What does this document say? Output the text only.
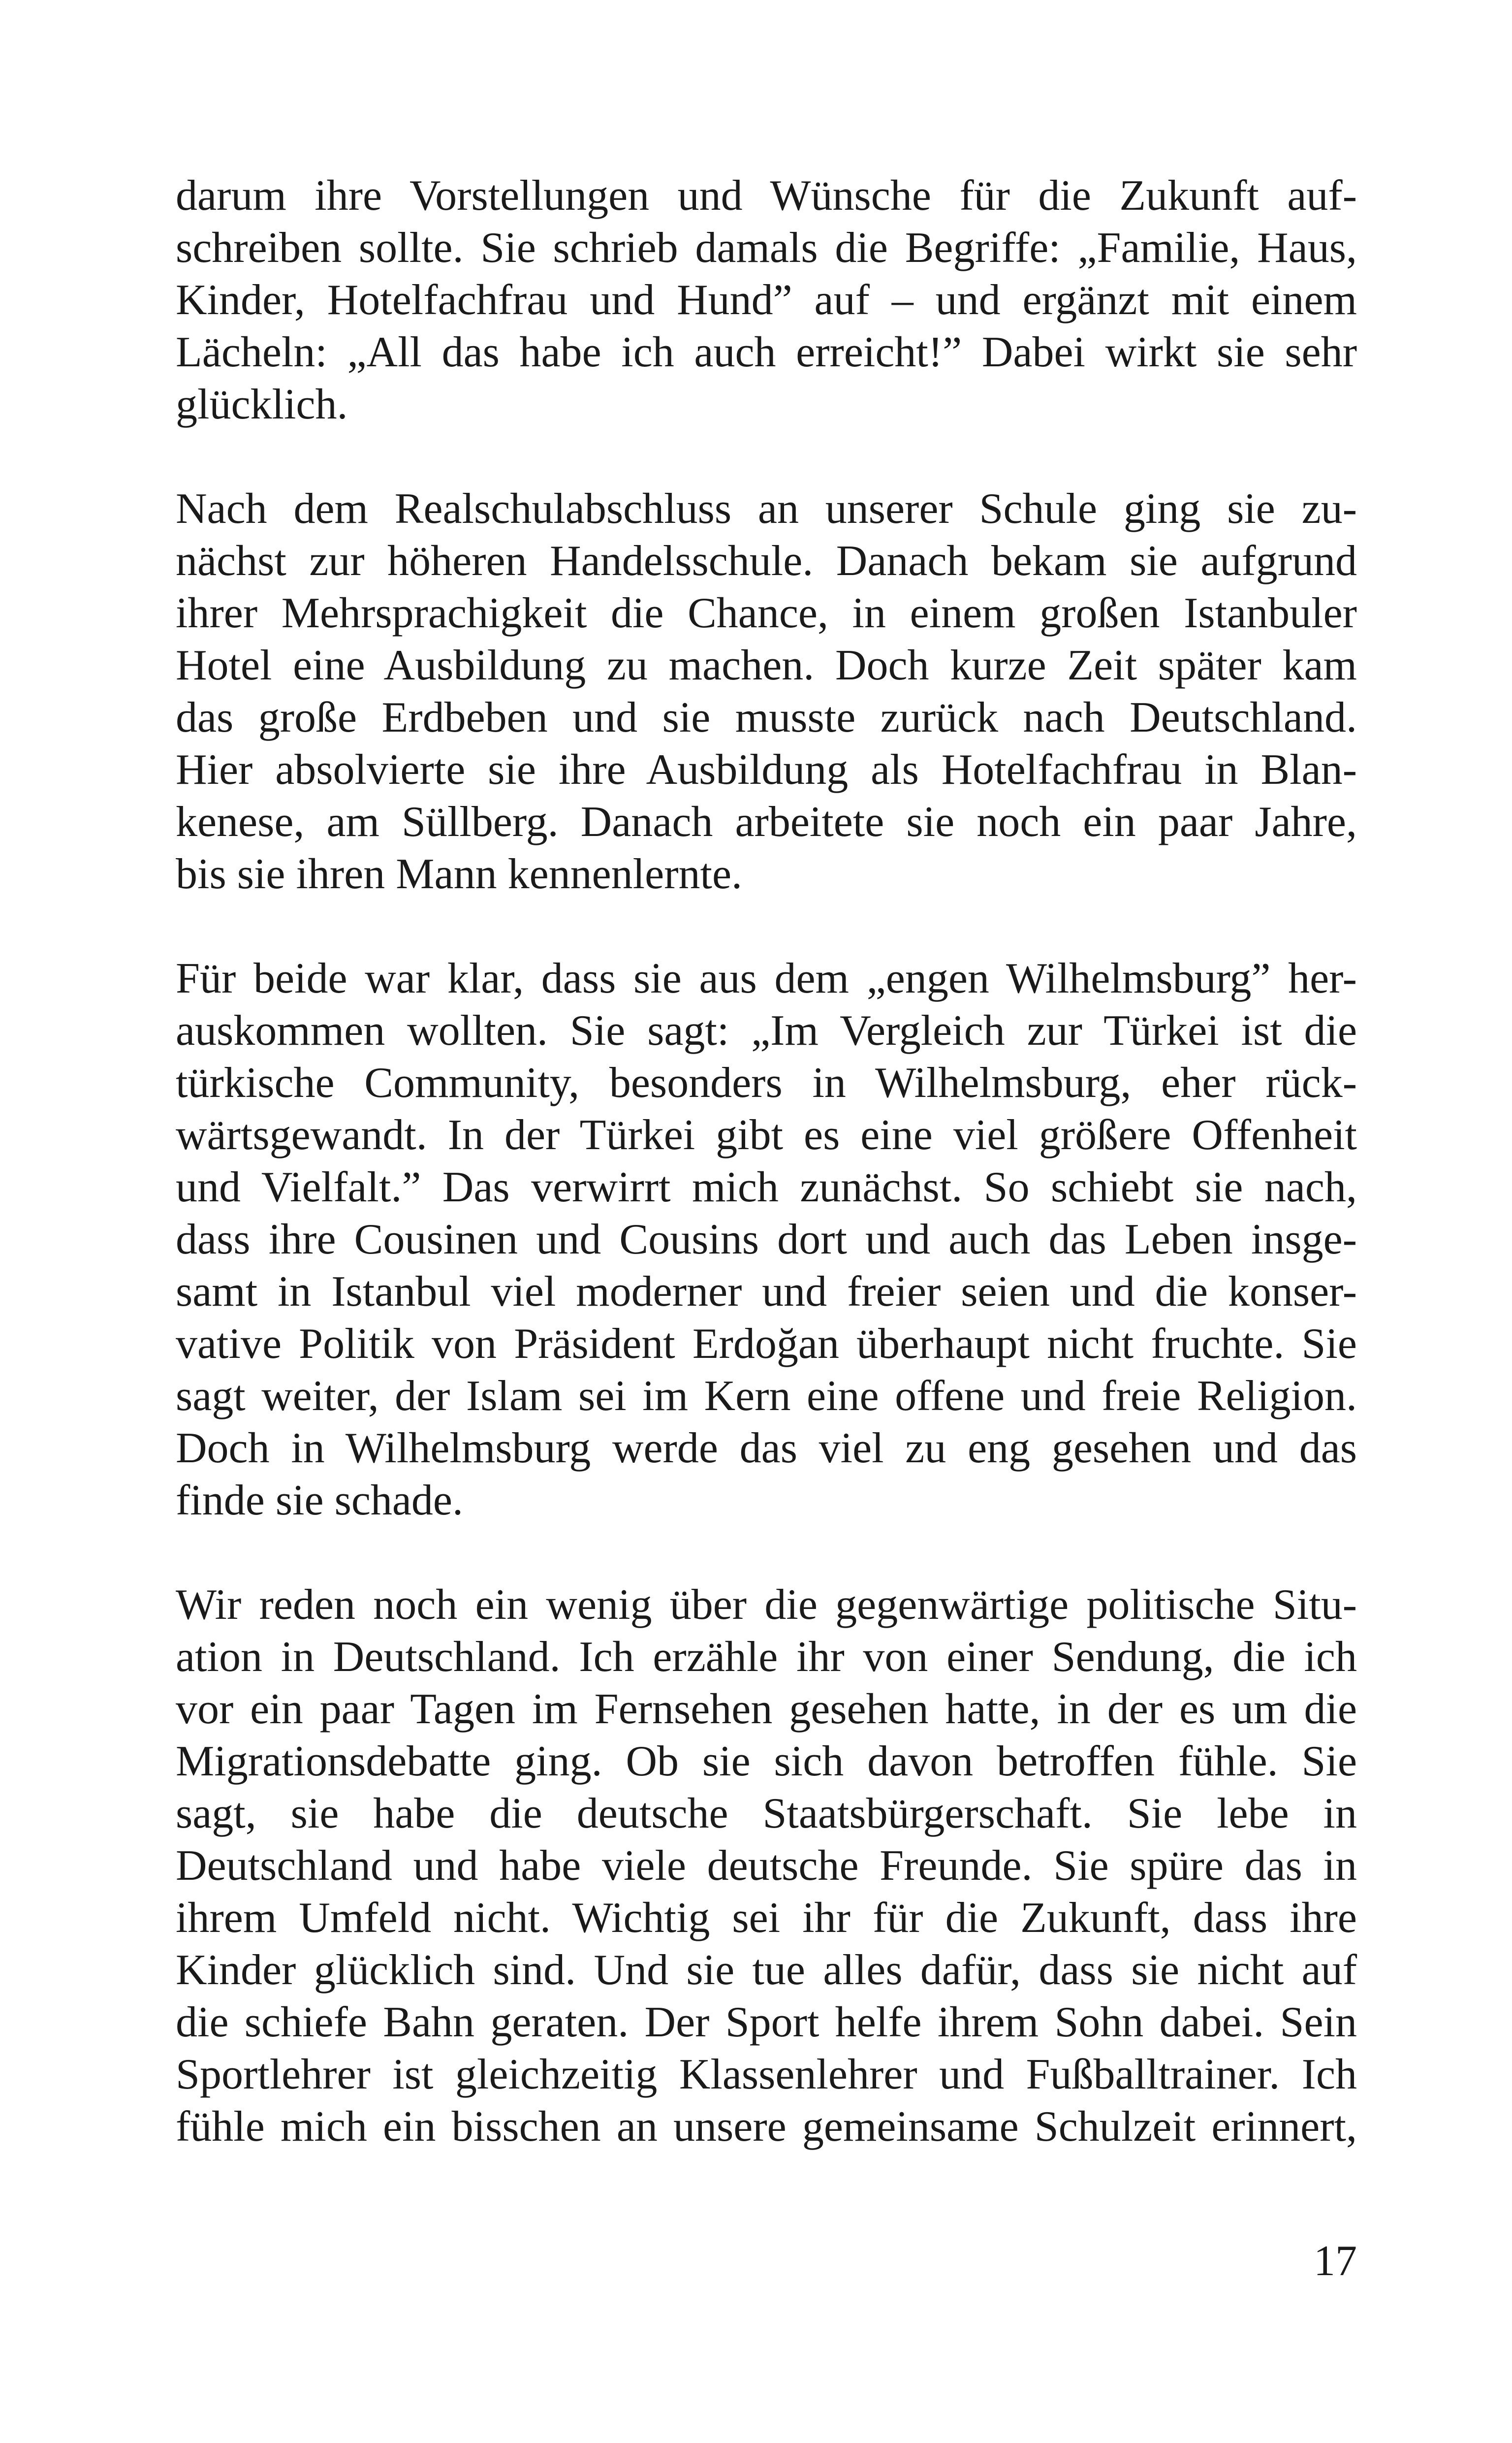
darum ihre Vorstellungen und Wünsche für die Zukunft auf-
schreiben sollte. Sie schrieb damals die Begriffe: „Familie, Haus,
Kinder, Hotelfachfrau und Hund” auf – und ergänzt mit einem
Lächeln: „All das habe ich auch erreicht!” Dabei wirkt sie sehr
glücklich.

Nach dem Realschulabschluss an unserer Schule ging sie zu-
nächst zur höheren Handelsschule. Danach bekam sie aufgrund
ihrer Mehrsprachigkeit die Chance, in einem großen Istanbuler
Hotel eine Ausbildung zu machen. Doch kurze Zeit später kam
das große Erdbeben und sie musste zurück nach Deutschland.
Hier absolvierte sie ihre Ausbildung als Hotelfachfrau in Blan-
kenese, am Süllberg. Danach arbeitete sie noch ein paar Jahre,
bis sie ihren Mann kennenlernte.

Für beide war klar, dass sie aus dem „engen Wilhelmsburg” her-
auskommen wollten. Sie sagt: „Im Vergleich zur Türkei ist die
türkische Community, besonders in Wilhelmsburg, eher rück-
wärtsgewandt. In der Türkei gibt es eine viel größere Offenheit
und Vielfalt.” Das verwirrt mich zunächst. So schiebt sie nach,
dass ihre Cousinen und Cousins dort und auch das Leben insge-
samt in Istanbul viel moderner und freier seien und die konser-
vative Politik von Präsident Erdoğan überhaupt nicht fruchte. Sie
sagt weiter, der Islam sei im Kern eine offene und freie Religion.
Doch in Wilhelmsburg werde das viel zu eng gesehen und das
finde sie schade.

Wir reden noch ein wenig über die gegenwärtige politische Situ-
ation in Deutschland. Ich erzähle ihr von einer Sendung, die ich
vor ein paar Tagen im Fernsehen gesehen hatte, in der es um die
Migrationsdebatte ging. Ob sie sich davon betroffen fühle. Sie
sagt, sie habe die deutsche Staatsbürgerschaft. Sie lebe in
Deutschland und habe viele deutsche Freunde. Sie spüre das in
ihrem Umfeld nicht. Wichtig sei ihr für die Zukunft, dass ihre
Kinder glücklich sind. Und sie tue alles dafür, dass sie nicht auf
die schiefe Bahn geraten. Der Sport helfe ihrem Sohn dabei. Sein
Sportlehrer ist gleichzeitig Klassenlehrer und Fußballtrainer. Ich
fühle mich ein bisschen an unsere gemeinsame Schulzeit erinnert,

17
